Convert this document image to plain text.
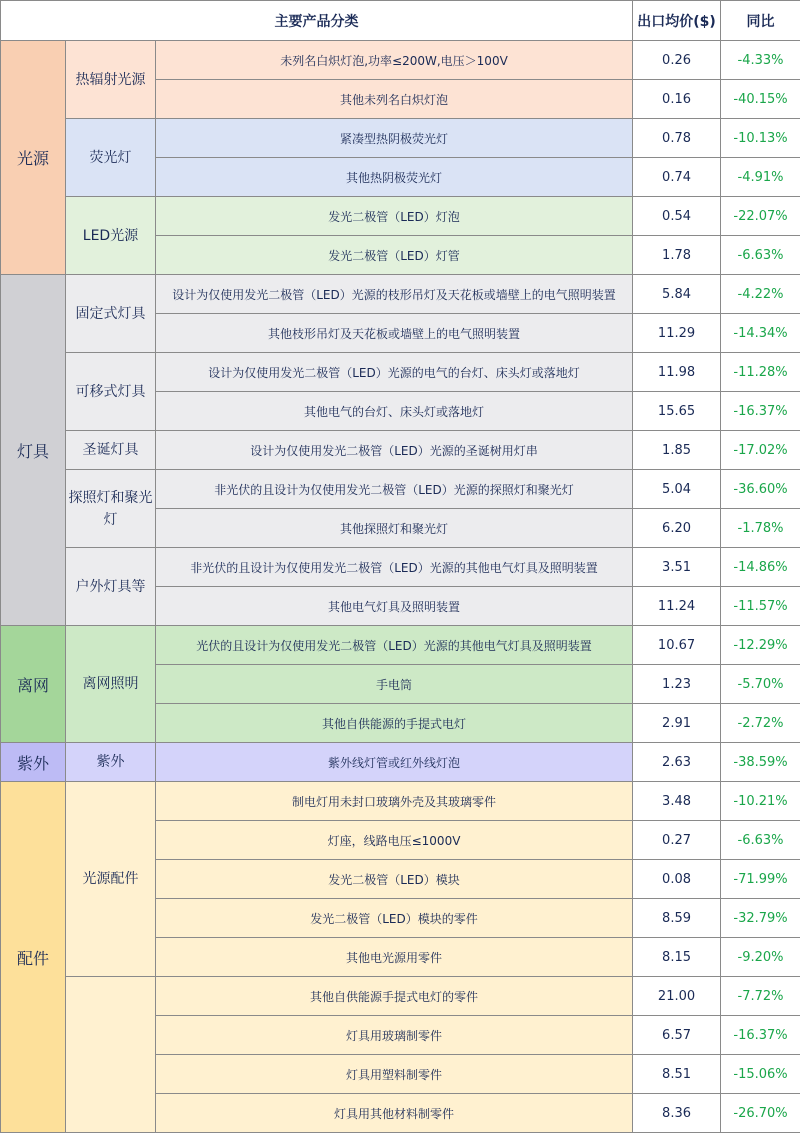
主要产品分类			出口均价($)	同比
光源	热辐射光源	未列名白炽灯泡,功率≤200W,电压＞100V	0.26	-4.33%
		其他未列名白炽灯泡	0.16	-40.15%
	荧光灯	紧凑型热阴极荧光灯	0.78	-10.13%
		其他热阴极荧光灯	0.74	-4.91%
	LED光源	发光二极管（LED）灯泡	0.54	-22.07%
		发光二极管（LED）灯管	1.78	-6.63%
灯具	固定式灯具	设计为仅使用发光二极管（LED）光源的枝形吊灯及天花板或墙壁上的电气照明装置	5.84	-4.22%
		其他枝形吊灯及天花板或墙壁上的电气照明装置	11.29	-14.34%
	可移式灯具	设计为仅使用发光二极管（LED）光源的电气的台灯、床头灯或落地灯	11.98	-11.28%
		其他电气的台灯、床头灯或落地灯	15.65	-16.37%
	圣诞灯具	设计为仅使用发光二极管（LED）光源的圣诞树用灯串	1.85	-17.02%
	探照灯和聚光灯	非光伏的且设计为仅使用发光二极管（LED）光源的探照灯和聚光灯	5.04	-36.60%
		其他探照灯和聚光灯	6.20	-1.78%
	户外灯具等	非光伏的且设计为仅使用发光二极管（LED）光源的其他电气灯具及照明装置	3.51	-14.86%
		其他电气灯具及照明装置	11.24	-11.57%
离网	离网照明	光伏的且设计为仅使用发光二极管（LED）光源的其他电气灯具及照明装置	10.67	-12.29%
		手电筒	1.23	-5.70%
		其他自供能源的手提式电灯	2.91	-2.72%
紫外	紫外	紫外线灯管或红外线灯泡	2.63	-38.59%
配件	光源配件	制电灯用未封口玻璃外壳及其玻璃零件	3.48	-10.21%
		灯座，线路电压≤1000V	0.27	-6.63%
		发光二极管（LED）模块	0.08	-71.99%
		发光二极管（LED）模块的零件	8.59	-32.79%
		其他电光源用零件	8.15	-9.20%
		其他自供能源手提式电灯的零件	21.00	-7.72%
		灯具用玻璃制零件	6.57	-16.37%
		灯具用塑料制零件	8.51	-15.06%
		灯具用其他材料制零件	8.36	-26.70%
